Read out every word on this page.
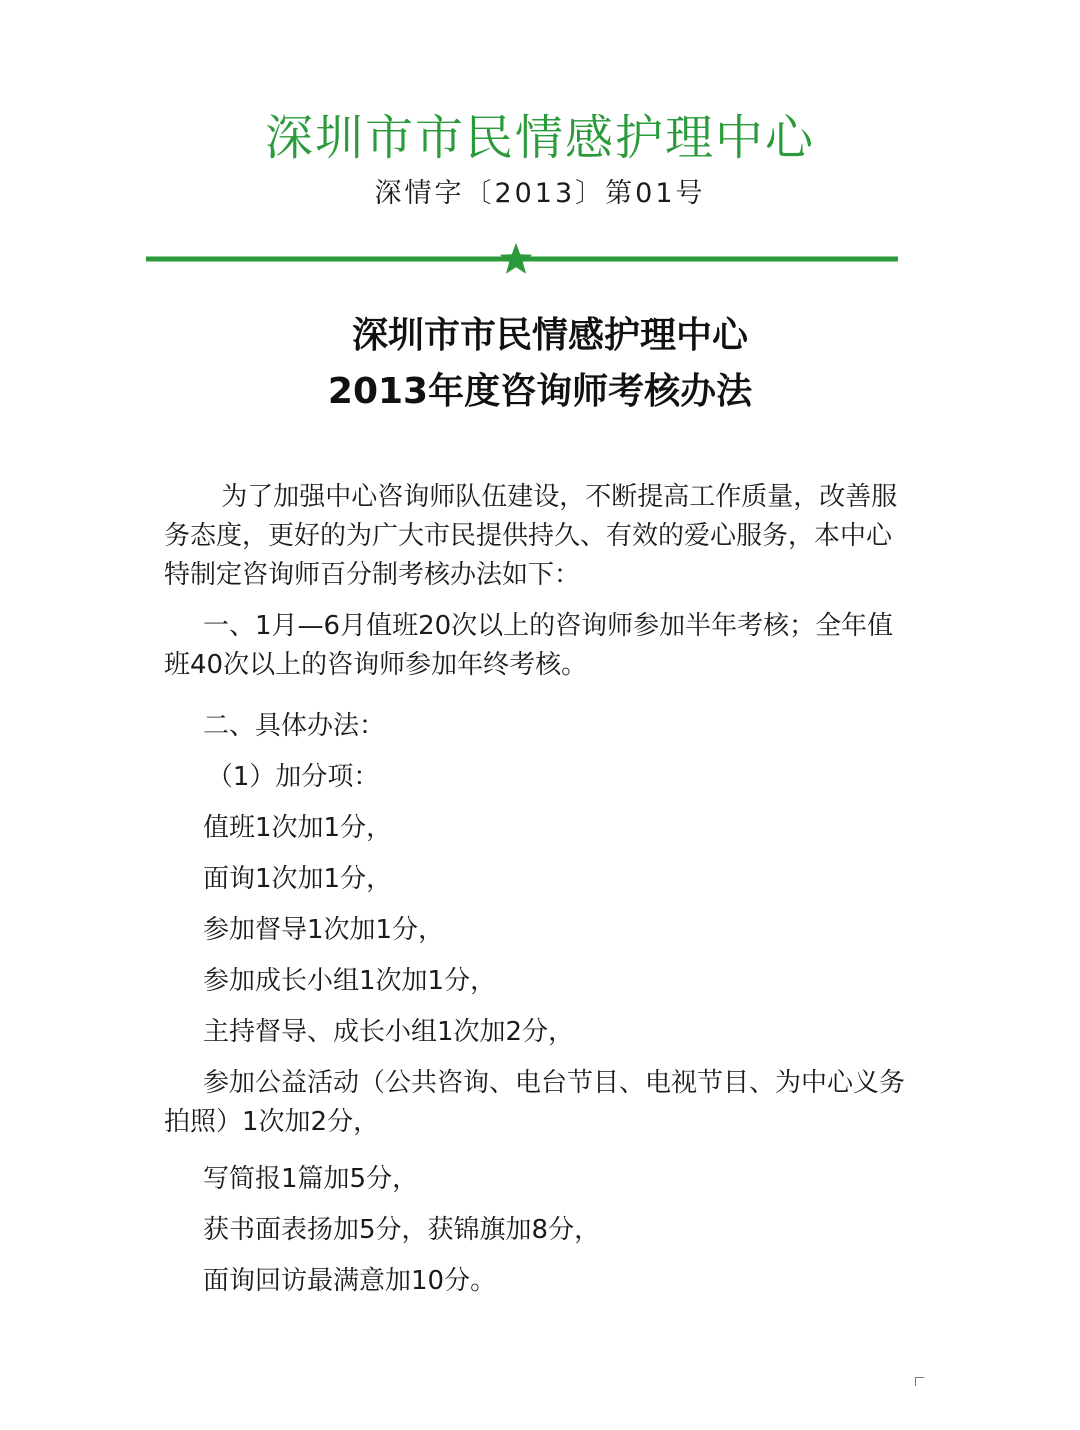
深圳市市民情感护理中心
深情字〔2013〕第01号
深圳市市民情感护理中心
2013年度咨询师考核办法

为了加强中心咨询师队伍建设，不断提高工作质量，改善服务态度，更好的为广大市民提供持久、有效的爱心服务，本中心特制定咨询师百分制考核办法如下：

一、1月—6月值班20次以上的咨询师参加半年考核；全年值班40次以上的咨询师参加年终考核。

二、具体办法：

（1）加分项：

值班1次加1分，

面询1次加1分，

参加督导1次加1分，

参加成长小组1次加1分，

主持督导、成长小组1次加2分，

参加公益活动（公共咨询、电台节目、电视节目、为中心义务拍照）1次加2分，

写简报1篇加5分，

获书面表扬加5分，获锦旗加8分，

面询回访最满意加10分。
